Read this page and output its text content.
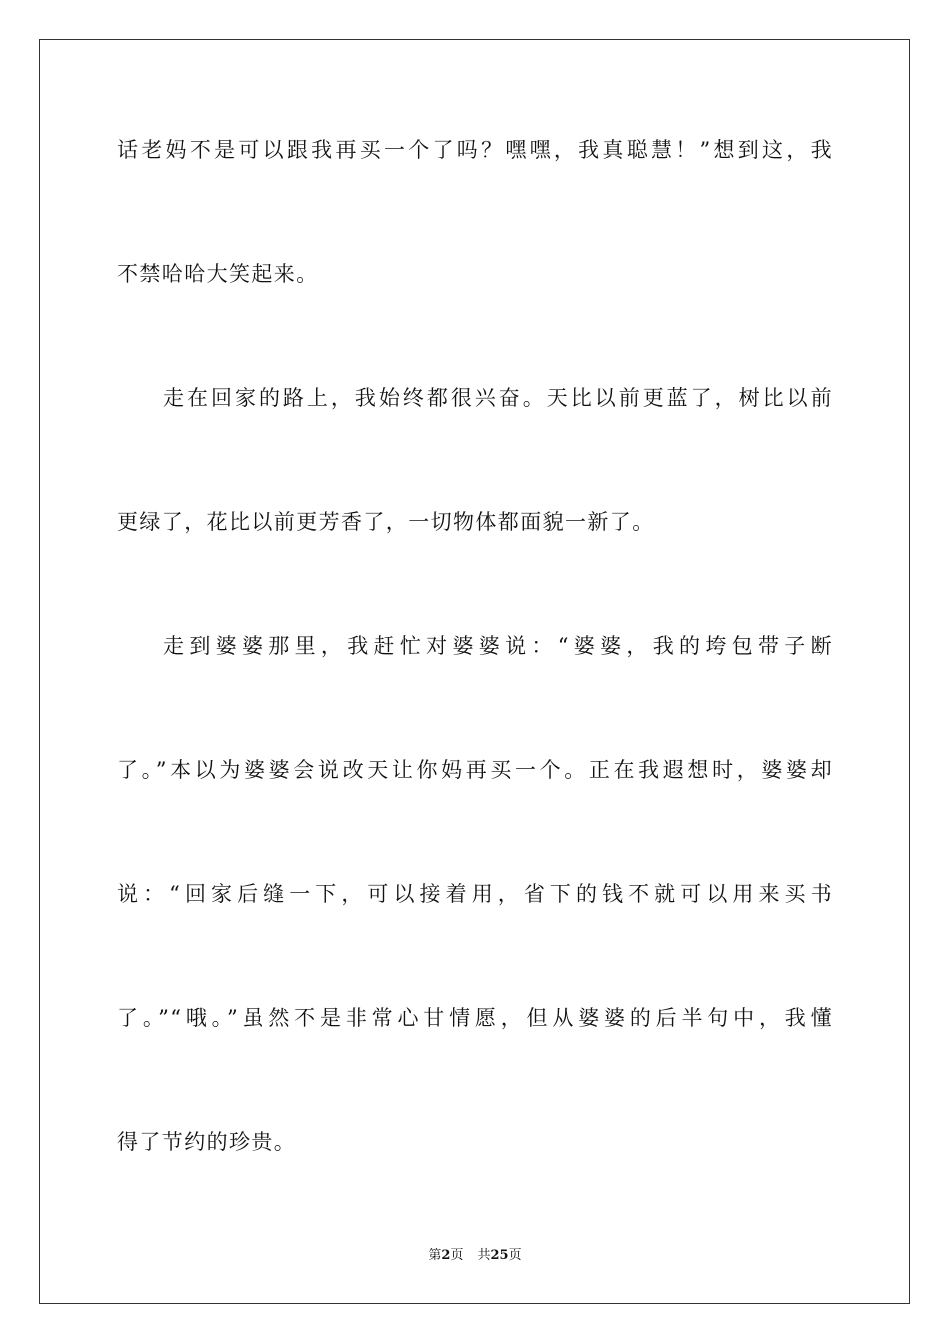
话老妈不是可以跟我再买一个了吗？嘿嘿，我真聪慧！”想到这，我
不禁哈哈大笑起来。
走在回家的路上，我始终都很兴奋。天比以前更蓝了，树比以前
更绿了，花比以前更芳香了，一切物体都面貌一新了。
走到婆婆那里，我赶忙对婆婆说：“婆婆，我的垮包带子断
了。”本以为婆婆会说改天让你妈再买一个。正在我遐想时，婆婆却
说：“回家后缝一下，可以接着用，省下的钱不就可以用来买书
了。”“哦。”虽然不是非常心甘情愿，但从婆婆的后半句中，我懂
得了节约的珍贵。
第2页 共25页
